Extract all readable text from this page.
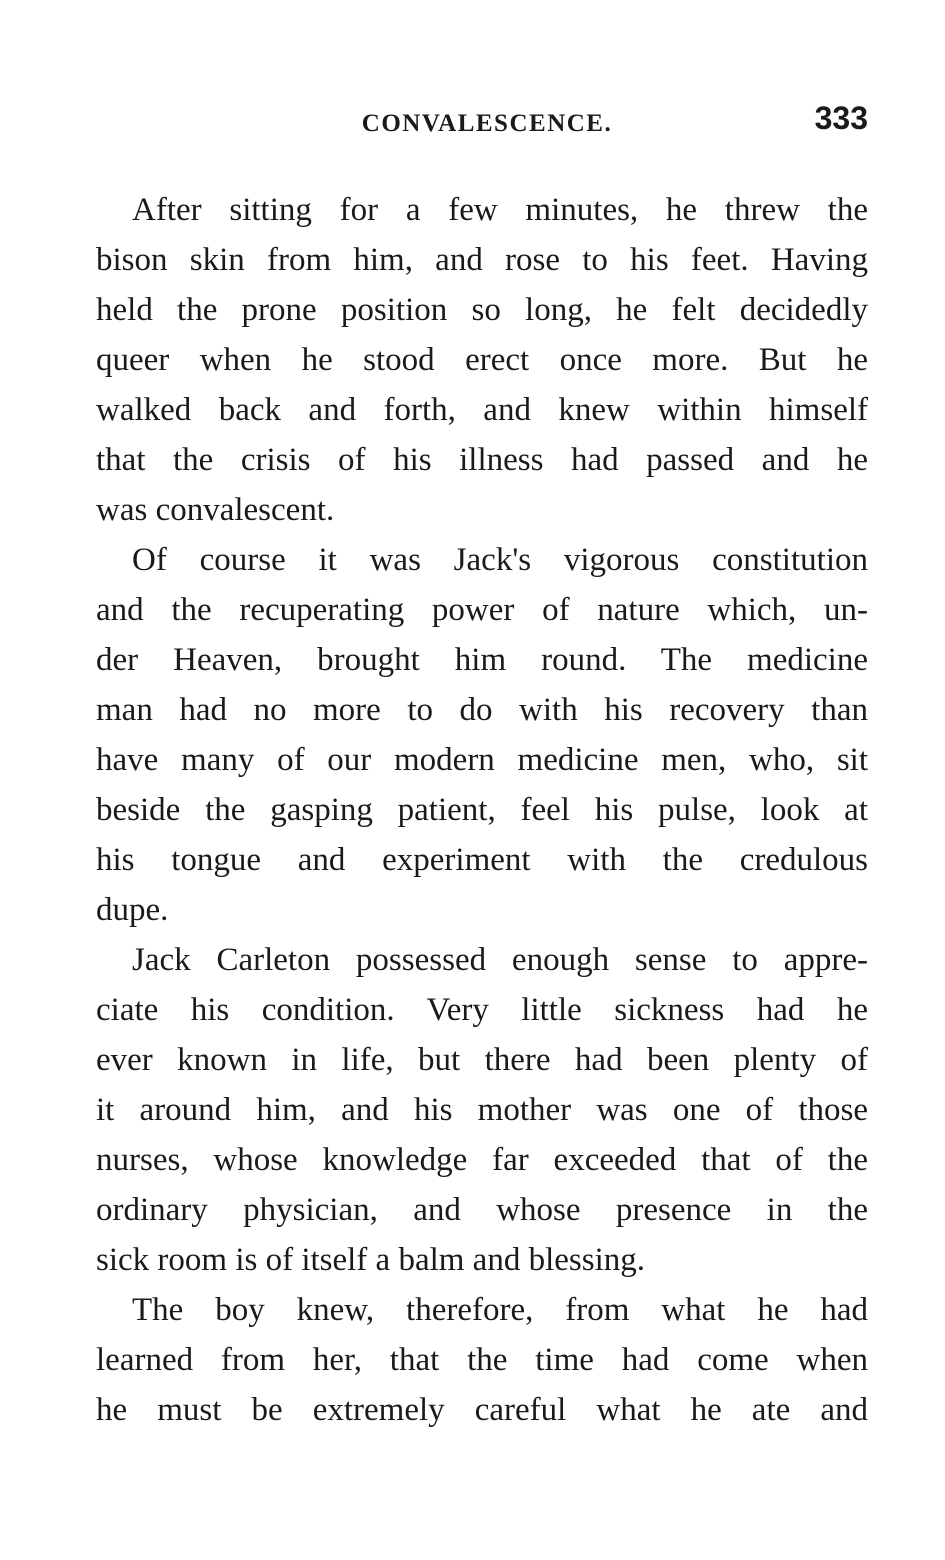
CONVALESCENCE.	333
After sitting for a few minutes, he threw the
bison skin from him, and rose to his feet. Having
held the prone position so long, he felt decidedly
queer when he stood erect once more. But he
walked back and forth, and knew within himself
that the crisis of his illness had passed and he
was convalescent.
Of course it was Jack's vigorous constitution
and the recuperating power of nature which, un-
der Heaven, brought him round. The medicine
man had no more to do with his recovery than
have many of our modern medicine men, who, sit
beside the gasping patient, feel his pulse, look at
his tongue and experiment with the credulous
dupe.
Jack Carleton possessed enough sense to appre-
ciate his condition. Very little sickness had he
ever known in life, but there had been plenty of
it around him, and his mother was one of those
nurses, whose knowledge far exceeded that of the
ordinary physician, and whose presence in the
sick room is of itself a balm and blessing.
The boy knew, therefore, from what he had
learned from her, that the time had come when
he must be extremely careful what he ate and
